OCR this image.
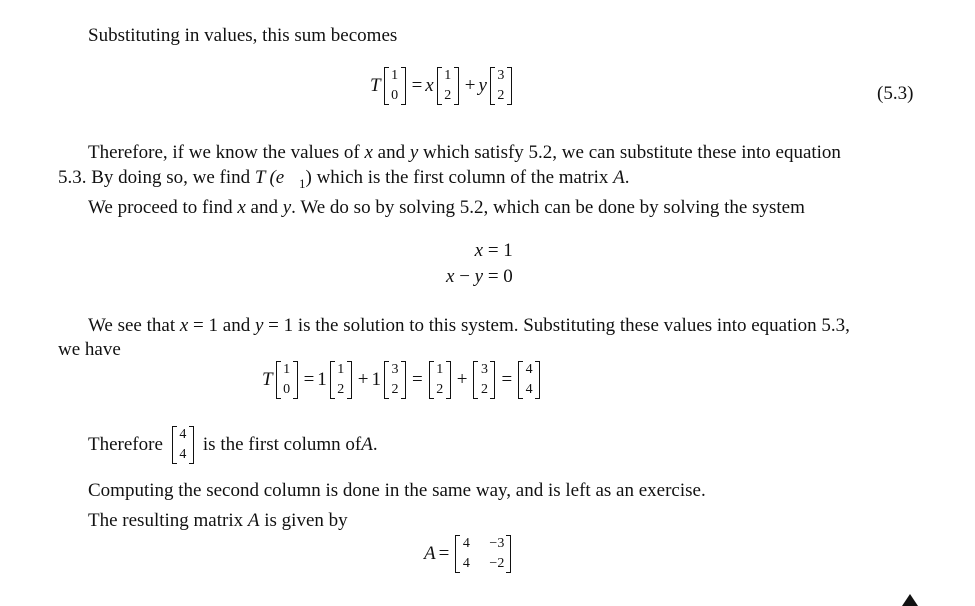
Substituting in values, this sum becomes
T 1
0 = x 1
2 + y 3
2	(5.3)
Therefore, if we know the values of x and y which satisfy 5.2, we can substitute these into equation
5.3. By doing so, we find T $(e⃗_1)$ which is the first column of the matrix A.
We proceed to find x and y. We do so by solving 5.2, which can be done by solving the system
x = 1
x − y = 0
We see that x = 1 and y = 1 is the solution to this system. Substituting these values into equation 5.3,
we have
T 1
0 = 1 1
2 + 1 3
2 = 1
2 + 3
2 = 4
4
Therefore 4
4 is the first column of A .
Computing the second column is done in the same way, and is left as an exercise.
The resulting matrix A is given by
A = 4	−3
4	−2
